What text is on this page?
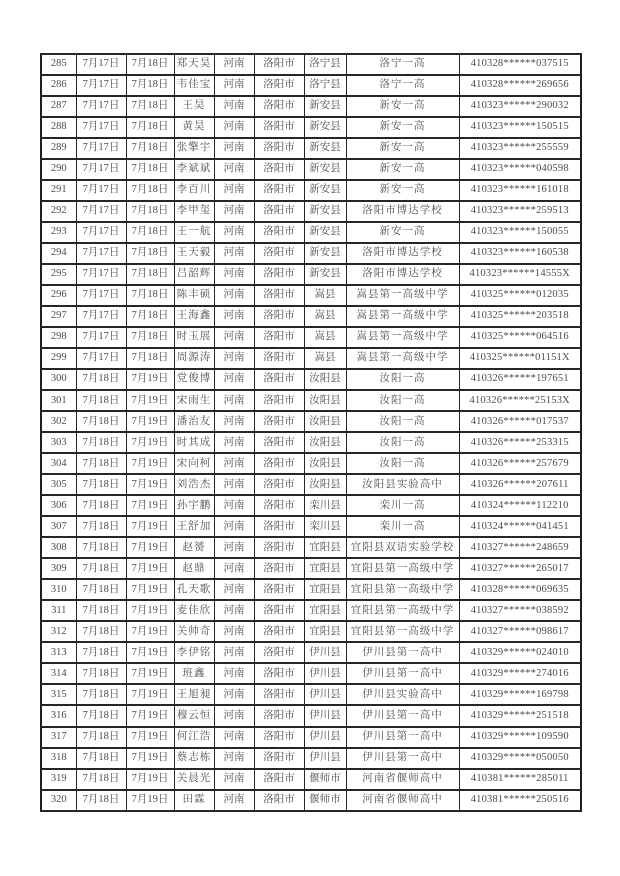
285	7月17日	7月18日	郑天昊	河南	洛阳市	洛宁县	洛宁一高	410328******037515
286	7月17日	7月18日	韦佳宝	河南	洛阳市	洛宁县	洛宁一高	410328******269656
287	7月17日	7月18日	王昊	河南	洛阳市	新安县	新安一高	410323******290032
288	7月17日	7月18日	黄昊	河南	洛阳市	新安县	新安一高	410323******150515
289	7月17日	7月18日	张擎宇	河南	洛阳市	新安县	新安一高	410323******255559
290	7月17日	7月18日	李斌斌	河南	洛阳市	新安县	新安一高	410323******040598
291	7月17日	7月18日	李百川	河南	洛阳市	新安县	新安一高	410323******161018
292	7月17日	7月18日	李甲玺	河南	洛阳市	新安县	洛阳市博达学校	410323******259513
293	7月17日	7月18日	王一航	河南	洛阳市	新安县	新安一高	410323******150055
294	7月17日	7月18日	王天毅	河南	洛阳市	新安县	洛阳市博达学校	410323******160538
295	7月17日	7月18日	吕韶辉	河南	洛阳市	新安县	洛阳市博达学校	410323******14555X
296	7月17日	7月18日	陈丰硕	河南	洛阳市	嵩县	嵩县第一高级中学	410325******012035
297	7月17日	7月18日	王海鑫	河南	洛阳市	嵩县	嵩县第一高级中学	410325******203518
298	7月17日	7月18日	时玉展	河南	洛阳市	嵩县	嵩县第一高级中学	410325******064516
299	7月17日	7月18日	周源涛	河南	洛阳市	嵩县	嵩县第一高级中学	410325******01151X
300	7月18日	7月19日	党俊博	河南	洛阳市	汝阳县	汝阳一高	410326******197651
301	7月18日	7月19日	宋雨生	河南	洛阳市	汝阳县	汝阳一高	410326******25153X
302	7月18日	7月19日	潘治友	河南	洛阳市	汝阳县	汝阳一高	410326******017537
303	7月18日	7月19日	时其成	河南	洛阳市	汝阳县	汝阳一高	410326******253315
304	7月18日	7月19日	宋向柯	河南	洛阳市	汝阳县	汝阳一高	410326******257679
305	7月18日	7月19日	刘浩杰	河南	洛阳市	汝阳县	汝阳县实验高中	410326******207611
306	7月18日	7月19日	孙宇鹏	河南	洛阳市	栾川县	栾川一高	410324******112210
307	7月18日	7月19日	王舒加	河南	洛阳市	栾川县	栾川一高	410324******041451
308	7月18日	7月19日	赵赟	河南	洛阳市	宜阳县	宜阳县双语实验学校	410327******248659
309	7月18日	7月19日	赵鼎	河南	洛阳市	宜阳县	宜阳县第一高级中学	410327******265017
310	7月18日	7月19日	孔天歌	河南	洛阳市	宜阳县	宜阳县第一高级中学	410328******069635
311	7月18日	7月19日	麦佳欣	河南	洛阳市	宜阳县	宜阳县第一高级中学	410327******038592
312	7月18日	7月19日	关帅奇	河南	洛阳市	宜阳县	宜阳县第一高级中学	410327******098617
313	7月18日	7月19日	李伊铭	河南	洛阳市	伊川县	伊川县第一高中	410329******024010
314	7月18日	7月19日	班鑫	河南	洛阳市	伊川县	伊川县第一高中	410329******274016
315	7月18日	7月19日	王旭昶	河南	洛阳市	伊川县	伊川县实验高中	410329******169798
316	7月18日	7月19日	穆云恒	河南	洛阳市	伊川县	伊川县第一高中	410329******251518
317	7月18日	7月19日	何江浩	河南	洛阳市	伊川县	伊川县第一高中	410329******109590
318	7月18日	7月19日	蔡志栋	河南	洛阳市	伊川县	伊川县第一高中	410329******050050
319	7月18日	7月19日	关晨光	河南	洛阳市	偃师市	河南省偃师高中	410381******285011
320	7月18日	7月19日	田霖	河南	洛阳市	偃师市	河南省偃师高中	410381******250516
